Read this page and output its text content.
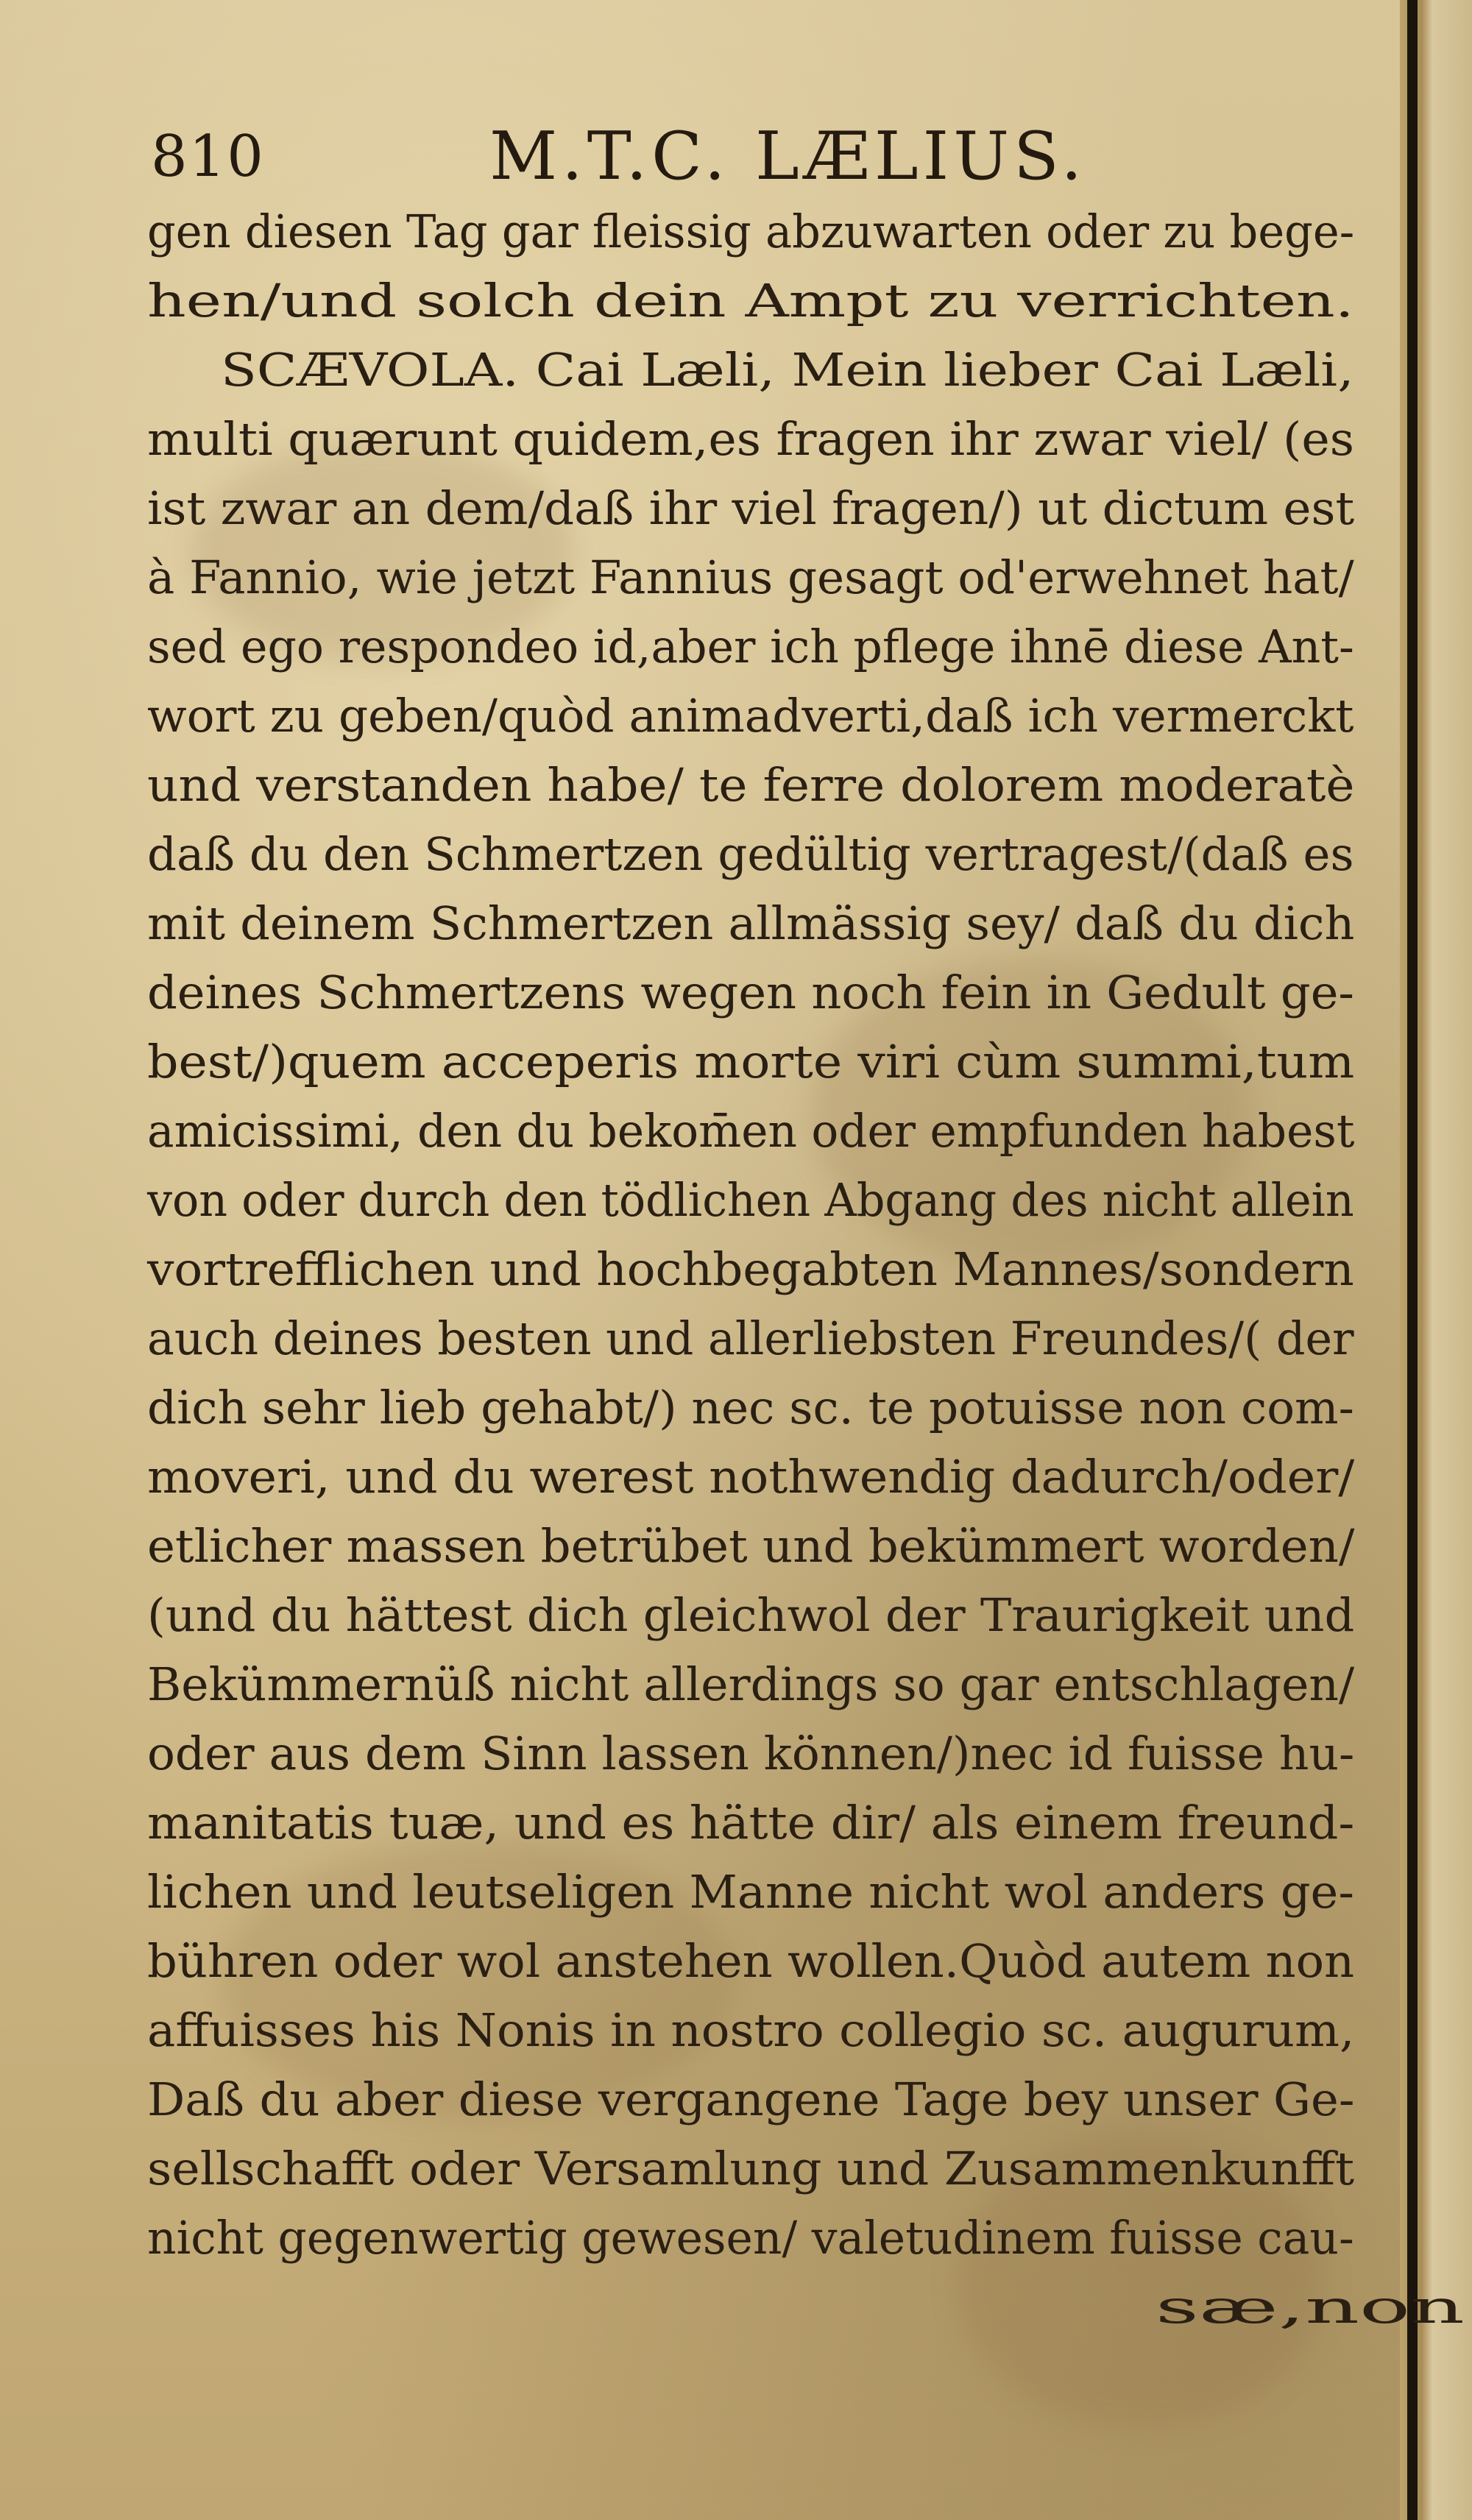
810	M.T.C. LÆLIUS.
gen diesen Tag gar fleissig abzuwarten oder zu bege-
hen/und solch dein Ampt zu verrichten.
SCÆVOLA. Cai Læli, Mein lieber Cai Læli,
multi quærunt quidem,es fragen ihr zwar viel/ (es
ist zwar an dem/daß ihr viel fragen/) ut dictum est
à Fannio, wie jetzt Fannius gesagt od'erwehnet hat/
sed ego respondeo id,aber ich pflege ihnē diese Ant-
wort zu geben/quòd animadverti,daß ich vermerckt
und verstanden habe/ te ferre dolorem moderatè
daß du den Schmertzen gedültig vertragest/(daß es
mit deinem Schmertzen allmässig sey/ daß du dich
deines Schmertzens wegen noch fein in Gedult ge-
best/)quem acceperis morte viri cùm summi,tum
amicissimi, den du bekom̄en oder empfunden habest
von oder durch den tödlichen Abgang des nicht allein
vortrefflichen und hochbegabten Mannes/sondern
auch deines besten und allerliebsten Freundes/( der
dich sehr lieb gehabt/) nec sc. te potuisse non com-
moveri, und du werest nothwendig dadurch/oder/
etlicher massen betrübet und bekümmert worden/
(und du hättest dich gleichwol der Traurigkeit und
Bekümmernüß nicht allerdings so gar entschlagen/
oder aus dem Sinn lassen können/)nec id fuisse hu-
manitatis tuæ, und es hätte dir/ als einem freund-
lichen und leutseligen Manne nicht wol anders ge-
bühren oder wol anstehen wollen.Quòd autem non
affuisses his Nonis in nostro collegio sc. augurum,
Daß du aber diese vergangene Tage bey unser Ge-
sellschafft oder Versamlung und Zusammenkunfft
nicht gegenwertig gewesen/ valetudinem fuisse cau-
sæ,non
